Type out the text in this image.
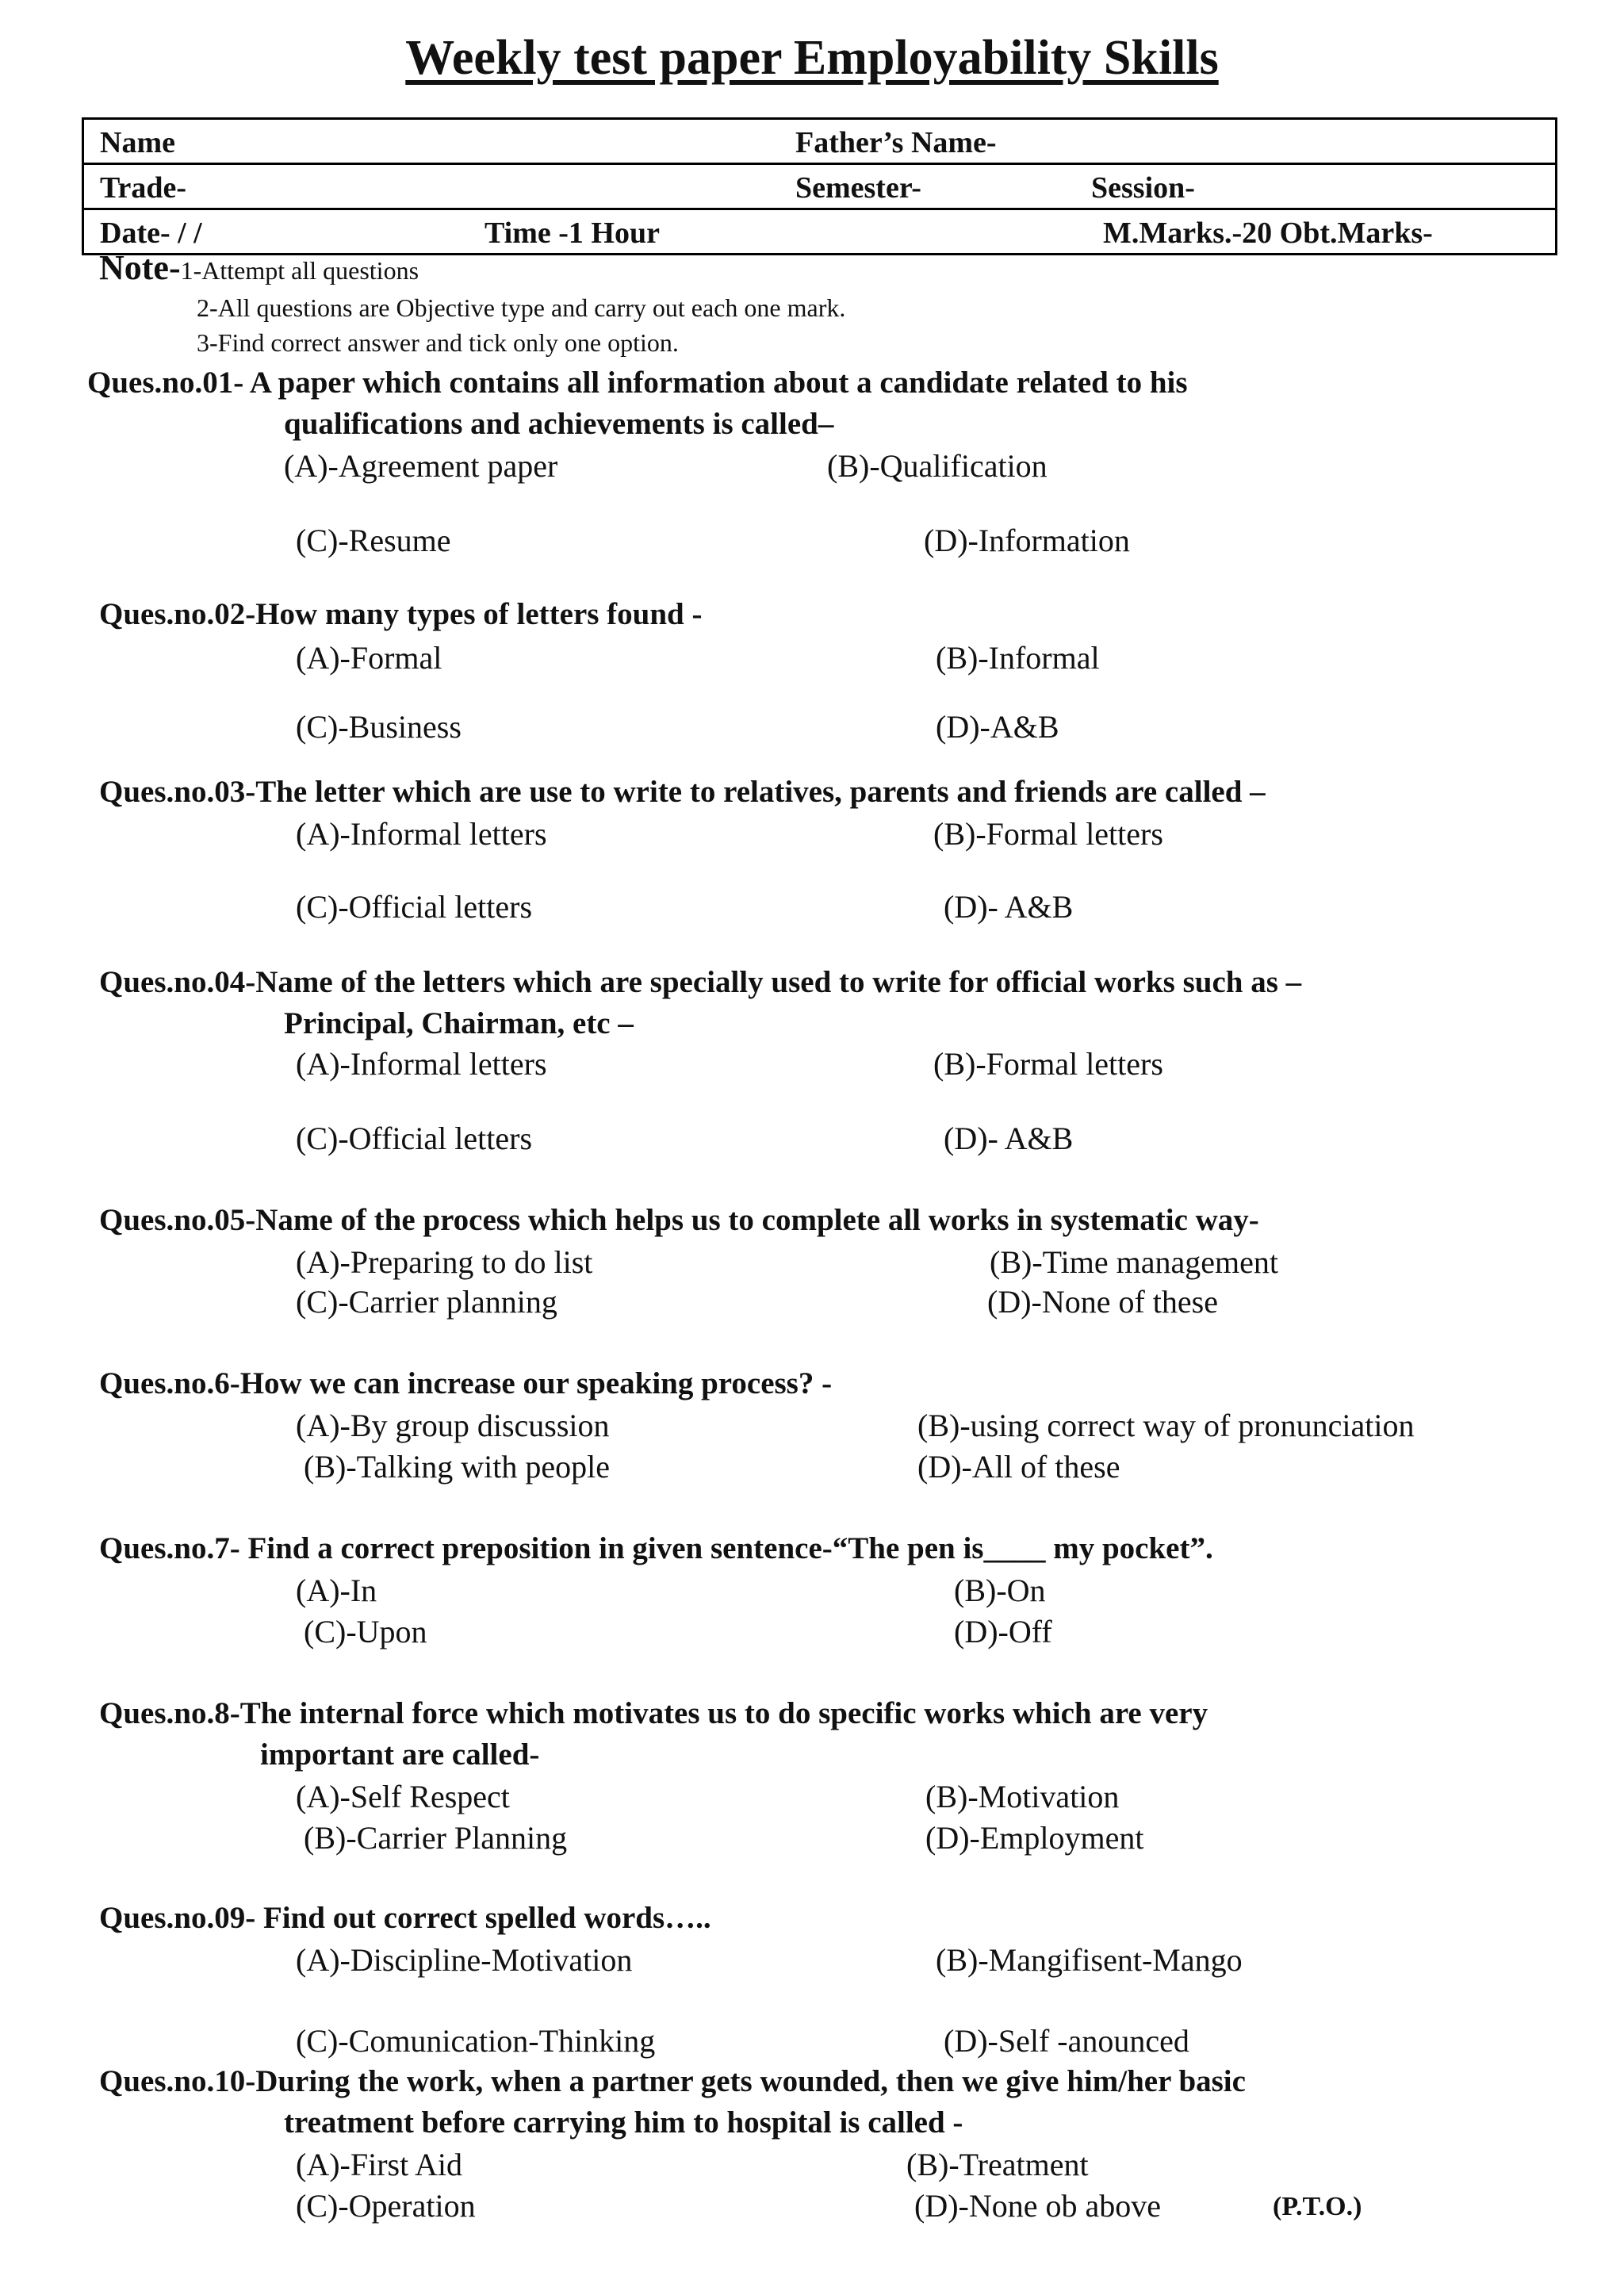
Weekly test paper Employability Skills
Name	Father’s Name-
Trade-	Semester-	Session-
Date- / /	Time -1 Hour	M.Marks.-20 Obt.Marks-
Note-1-Attempt all questions
2-All questions are Objective type and carry out each one mark.
3-Find correct answer and tick only one option.
Ques.no.01- A paper which contains all information about a candidate related to his
qualifications and achievements is called–
(A)-Agreement paper	(B)-Qualification
(C)-Resume	(D)-Information
Ques.no.02-How many types of letters found -
(A)-Formal	(B)-Informal
(C)-Business	(D)-A&B
Ques.no.03-The letter which are use to write to relatives, parents and friends are called –
(A)-Informal letters	(B)-Formal letters
(C)-Official letters	(D)- A&B
Ques.no.04-Name of the letters which are specially used to write for official works such as –
Principal, Chairman, etc –
(A)-Informal letters	(B)-Formal letters
(C)-Official letters	(D)- A&B
Ques.no.05-Name of the process which helps us to complete all works in systematic way-
(A)-Preparing to do list	(B)-Time management
(C)-Carrier planning	(D)-None of these
Ques.no.6-How we can increase our speaking process? -
(A)-By group discussion	(B)-using correct way of pronunciation
(B)-Talking with people	(D)-All of these
Ques.no.7- Find a correct preposition in given sentence-“The pen is____ my pocket”.
(A)-In	(B)-On
(C)-Upon	(D)-Off
Ques.no.8-The internal force which motivates us to do specific works which are very
important are called-
(A)-Self Respect	(B)-Motivation
(B)-Carrier Planning	(D)-Employment
Ques.no.09- Find out correct spelled words…..
(A)-Discipline-Motivation	(B)-Mangifisent-Mango
(C)-Comunication-Thinking	(D)-Self -anounced
Ques.no.10-During the work, when a partner gets wounded, then we give him/her basic
treatment before carrying him to hospital is called -
(A)-First Aid	(B)-Treatment
(C)-Operation	(D)-None ob above	(P.T.O.)
